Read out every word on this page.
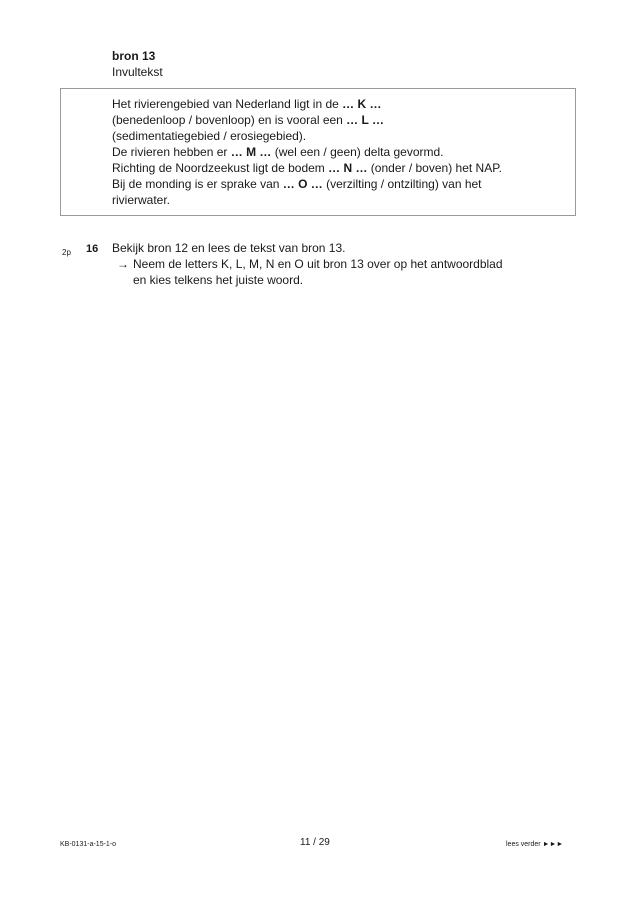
bron 13
Invultekst
Het rivierengebied van Nederland ligt in de … K …
(benedenloop / bovenloop) en is vooral een … L …
(sedimentatiegebied / erosiegebied).
De rivieren hebben er … M … (wel een / geen) delta gevormd.
Richting de Noordzeekust ligt de bodem … N … (onder / boven) het NAP.
Bij de monding is er sprake van … O … (verzilting / ontzilting) van het
rivierwater.
2p 16 Bekijk bron 12 en lees de tekst van bron 13.
→ Neem de letters K, L, M, N en O uit bron 13 over op het antwoordblad
en kies telkens het juiste woord.
KB-0131-a-15-1-o	11 / 29	lees verder ►►►
